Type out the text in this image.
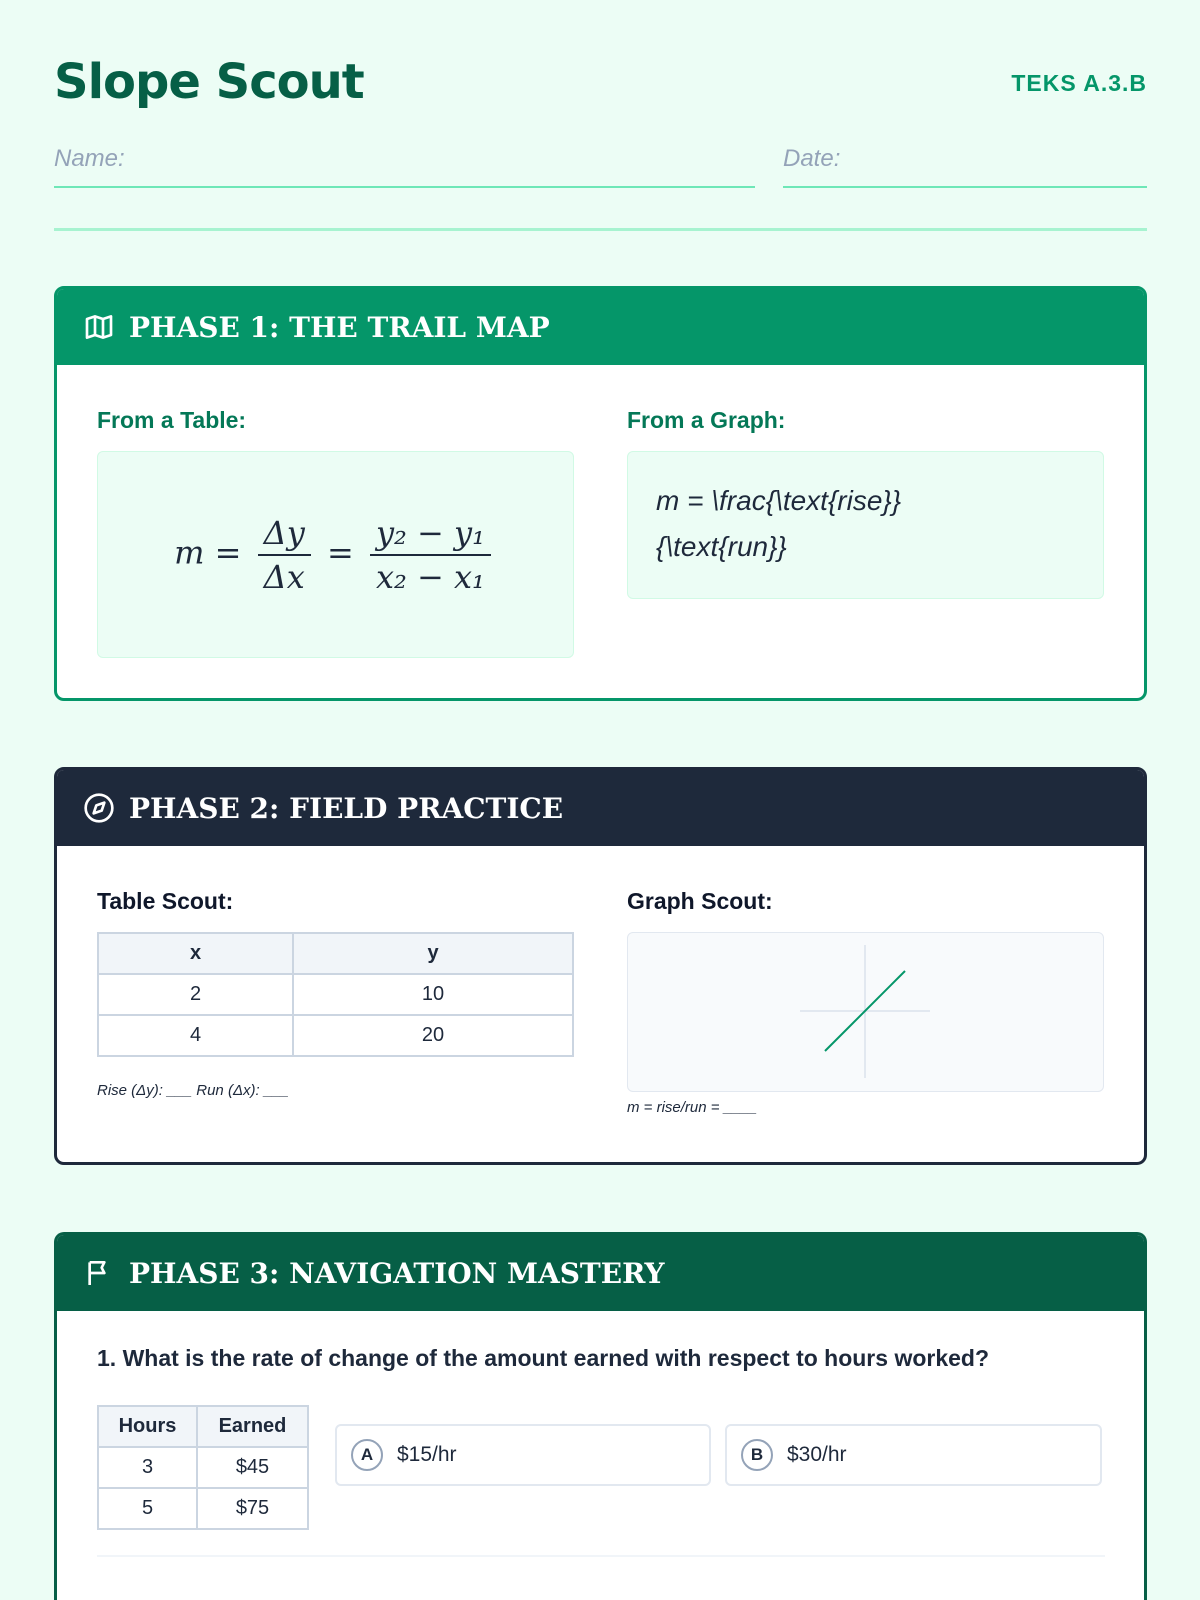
Slope Scout	TEKS A.3.B
Name:	Date:
PHASE 1: THE TRAIL MAP
From a Table:
$m = \frac{\Delta y}{\Delta x} = \frac{\text{y₂ − y₁}}{\text{x₂ − x₁}}$
From a Graph:
m = \frac{\text{rise}}
{\text{run}}
PHASE 2: FIELD PRACTICE
Table Scout:
x	y
2	10
4	20
Rise (Δy): ___ Run (Δx): ___
Graph Scout:
m = rise/run = ____
PHASE 3: NAVIGATION MASTERY
1. What is the rate of change of the amount earned with respect to hours worked?
Hours	Earned
3	$45
5	$75
A	$15/hr	B	$30/hr
